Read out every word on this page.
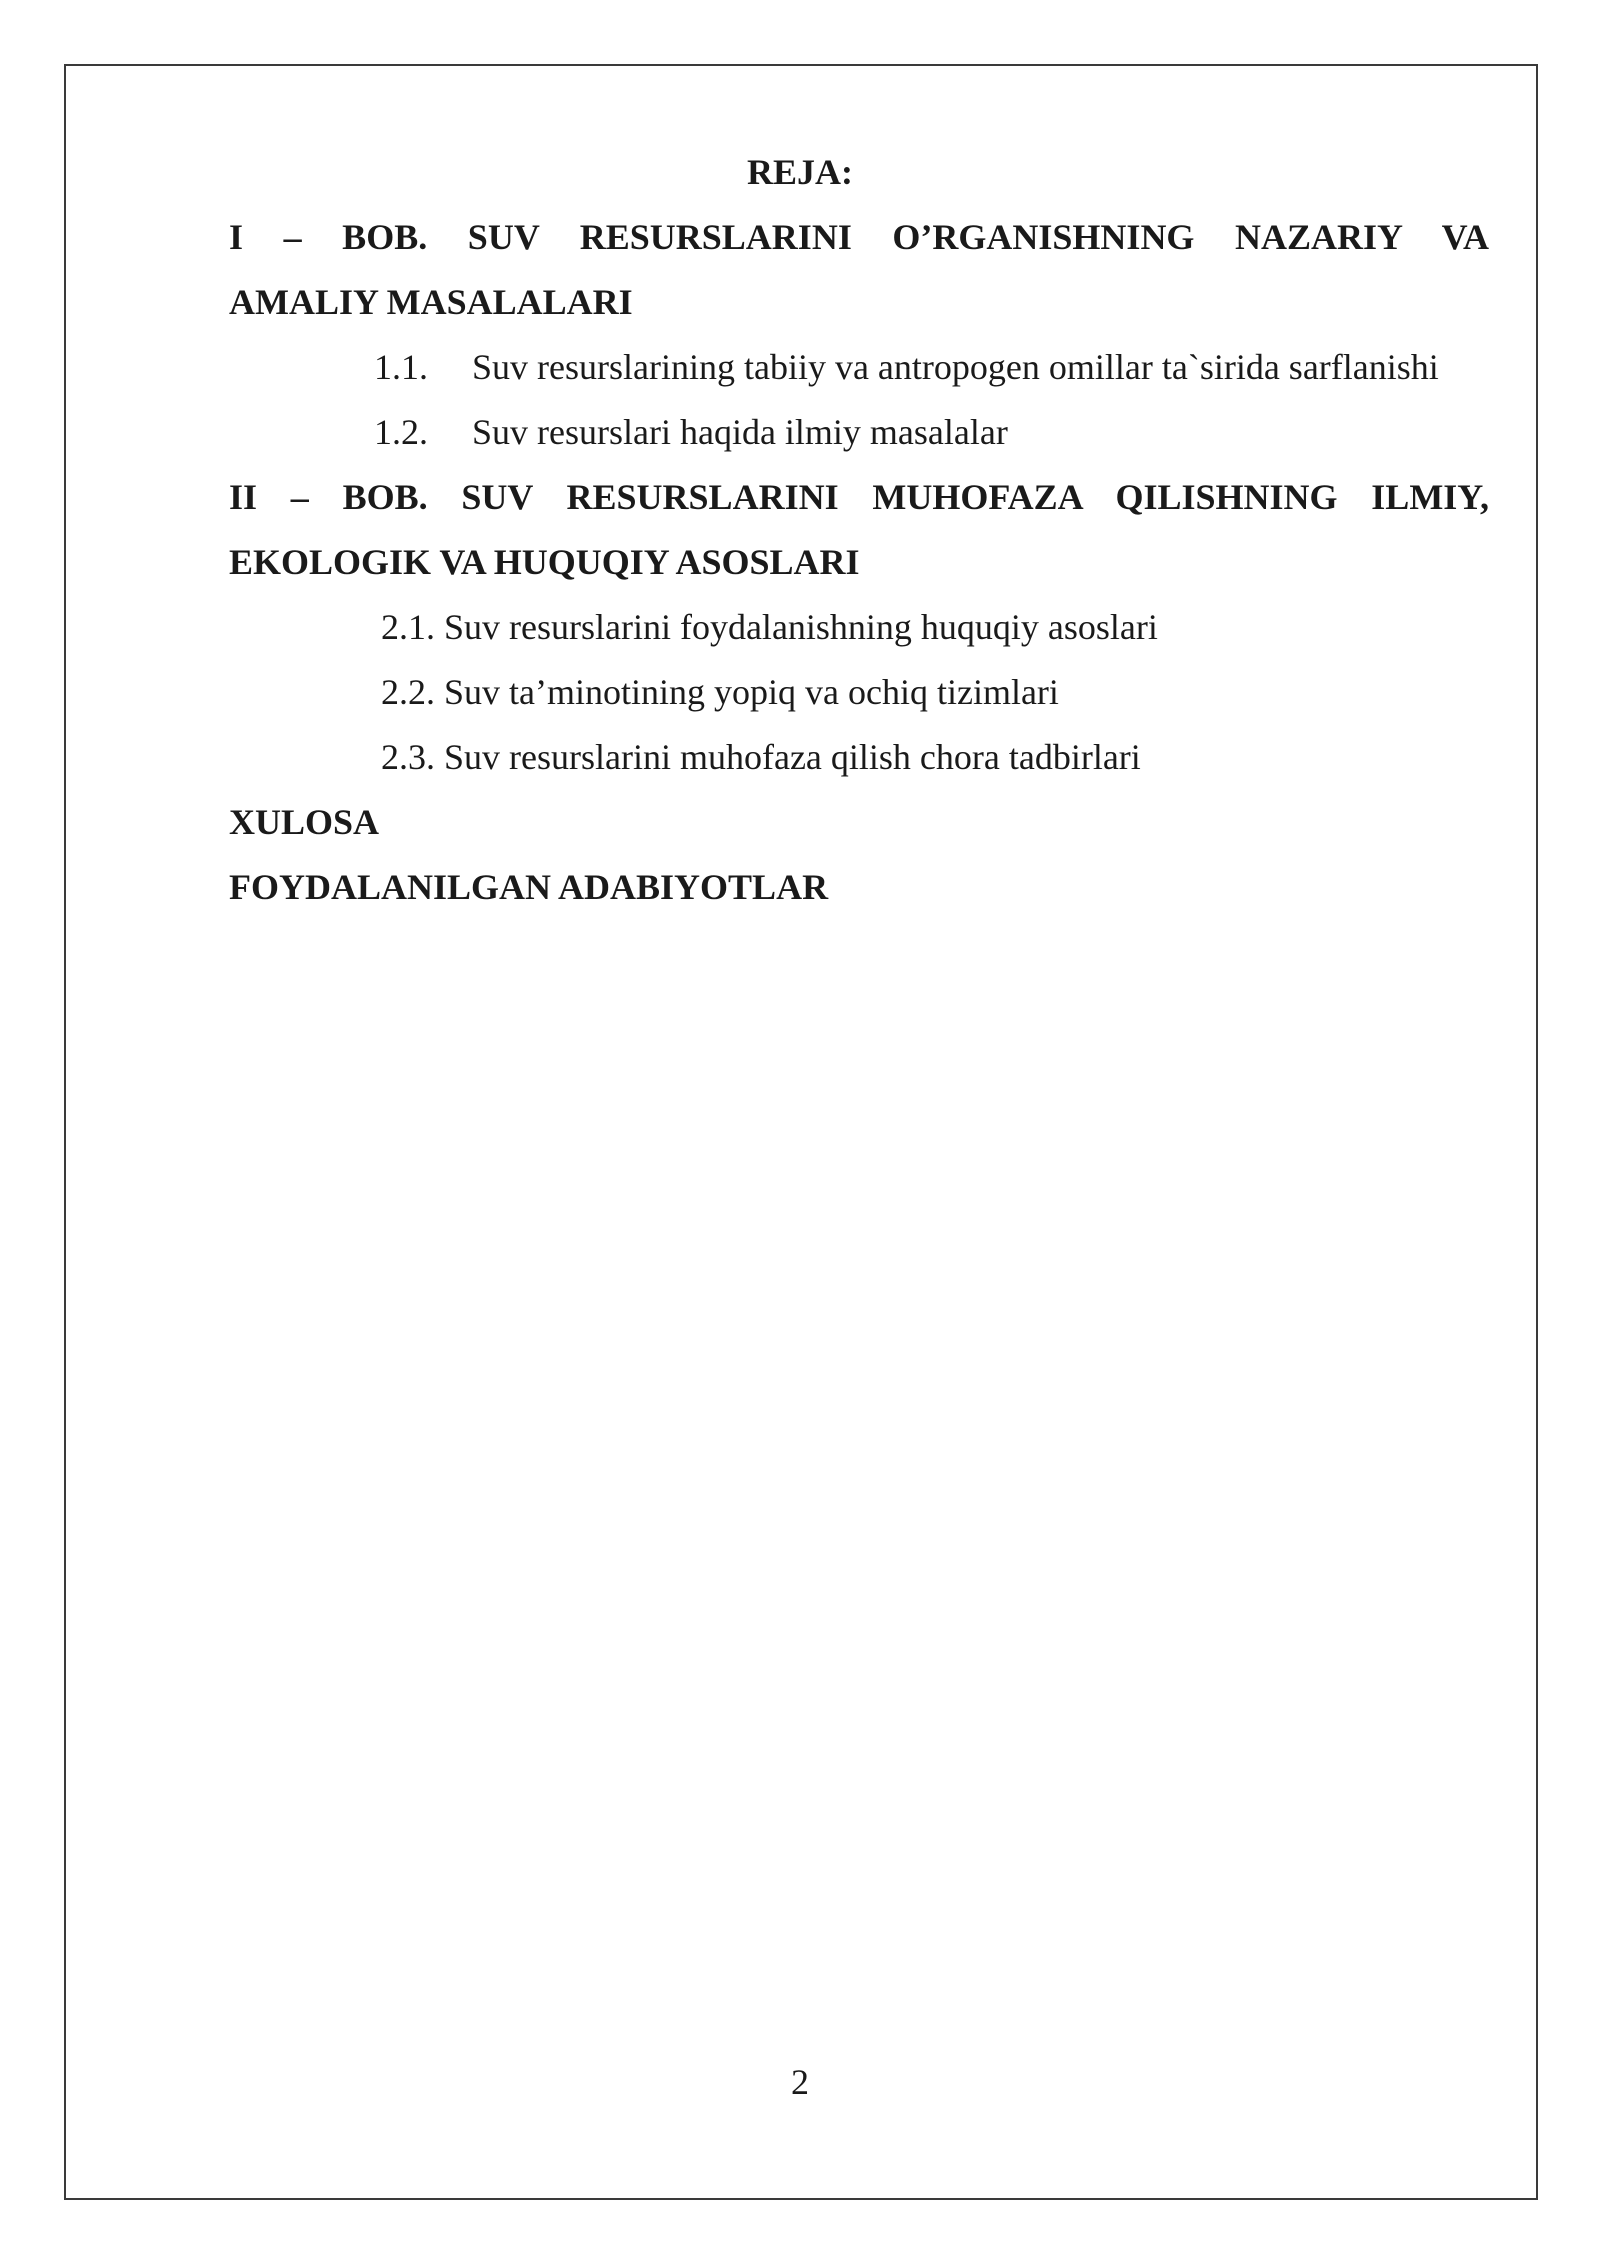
REJA:
I – BOB. SUV RESURSLARINI O’RGANISHNING NAZARIY VA
AMALIY MASALALARI
1.1. Suv resurslarining tabiiy va antropogen omillar ta`sirida sarflanishi
1.2. Suv resurslari haqida ilmiy masalalar
II – BOB. SUV RESURSLARINI MUHOFAZA QILISHNING ILMIY,
EKOLOGIK VA HUQUQIY ASOSLARI
2.1. Suv resurslarini foydalanishning huquqiy asoslari
2.2. Suv ta’minotining yopiq va ochiq tizimlari
2.3. Suv resurslarini muhofaza qilish chora tadbirlari
XULOSA
FOYDALANILGAN ADABIYOTLAR
2
